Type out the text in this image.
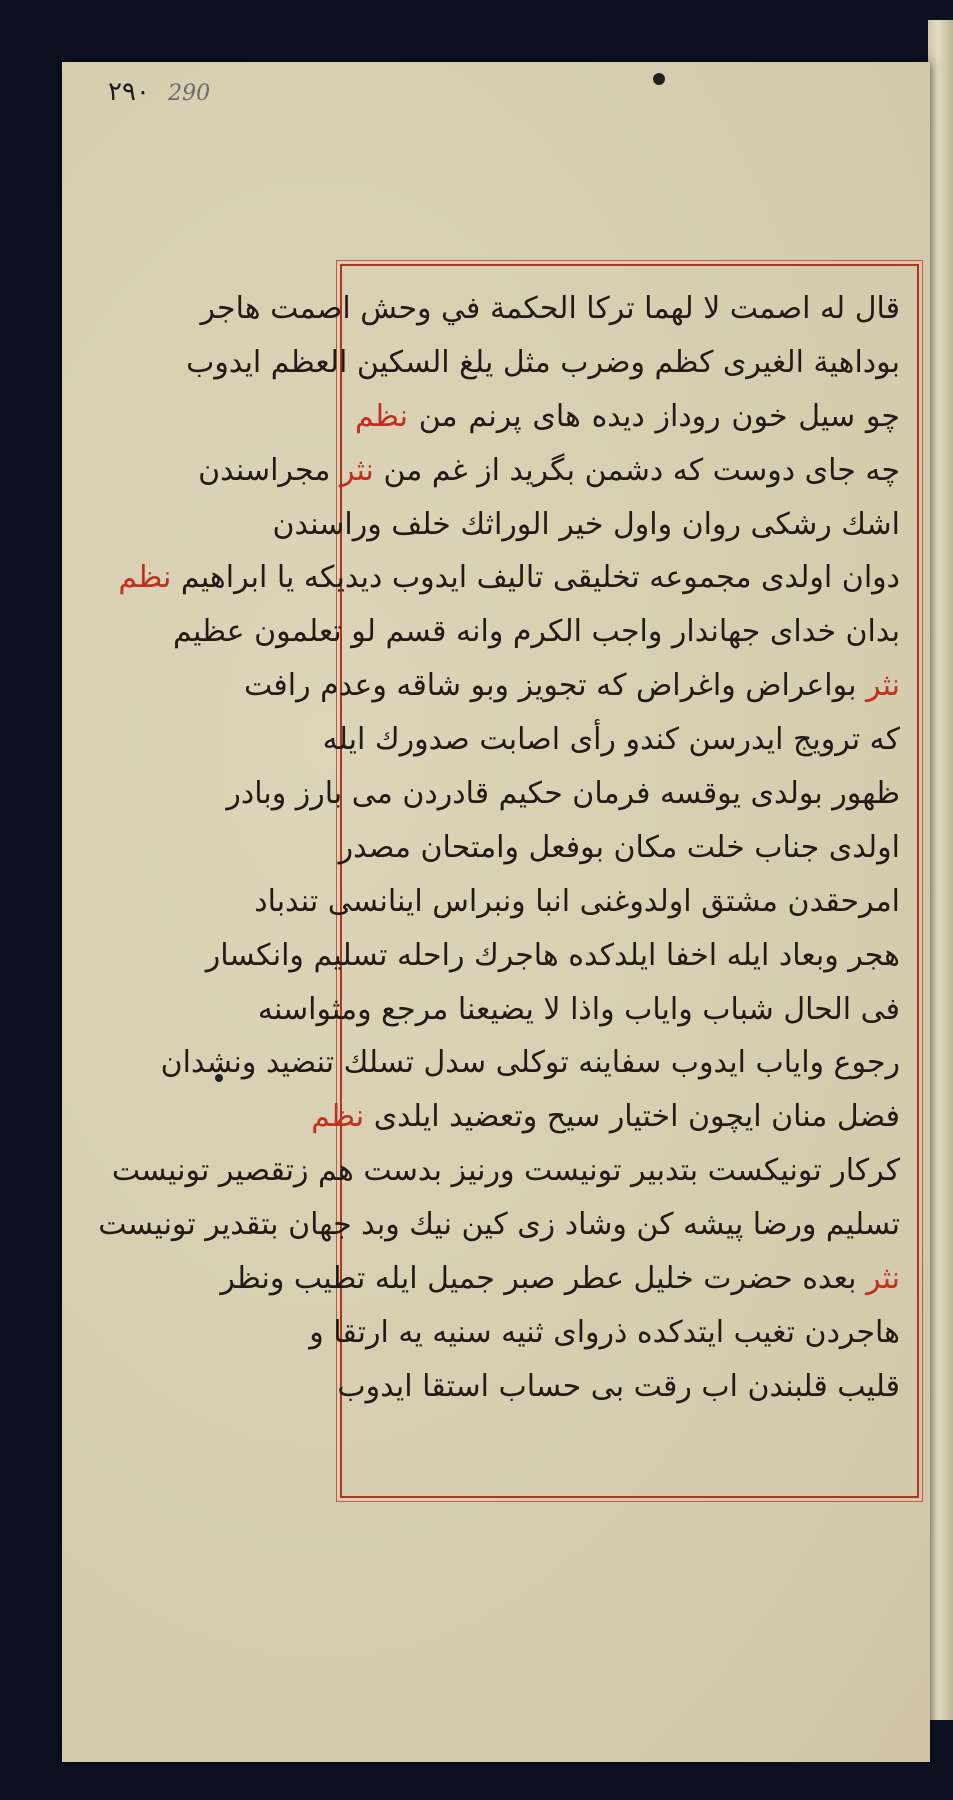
۲۹۰ 290
قال له اصمت لا لهما تركا الحكمة في وحش اصمت هاجر
بوداهیة الغیری کظم وضرب مثل یلغ السکین العظم ایدوب
چو سیل خون روداز دیده های پرنم من نظم
چه جای دوست که دشمن بگرید از غم من نثر مجراسندن
اشك رشكى روان واول خیر الوراثك خلف وراسندن
دوان اولدی مجموعه تخلیقى تالیف ایدوب دیدیکه یا ابراهیم نظم
بدان خدای جهاندار واجب الکرم وانه قسم لو تعلمون عظیم
نثر بواعراض واغراض که تجویز وبو شاقه وعدم رافت
که ترویج ایدرسن کندو رأی اصابت صدورك ایله
ظهور بولدی یوقسه فرمان حکیم قادردن می بارز وبادر
اولدی جناب خلت مکان بوفعل وامتحان مصدر
امرحقدن مشتق اولدوغنی انبا ونبراس اینانسی تندباد
هجر وبعاد ایله اخفا ایلدکده هاجرك راحله تسلیم وانکسار
فی الحال شباب وایاب واذا لا یضیعنا مرجع ومثواسنه
رجوع وایاب ایدوب سفاینه توکلی سدل تسلك تنضید ونشدان
فضل منان ایچون اختیار سیح وتعضید ایلدی نظم
کرکار تونیکست بتدبیر تونیست ورنیز بدست هم زتقصیر تونیست
تسلیم ورضا پیشه کن وشاد زی کین نیك وبد جهان بتقدیر تونیست
نثر بعده حضرت خلیل عطر صبر جمیل ایله تطیب ونظر
هاجردن تغیب ایتدکده ذروای ثنیه سنیه یه ارتقا و
قلیب قلبندن اب رقت بی حساب استقا ایدوب
